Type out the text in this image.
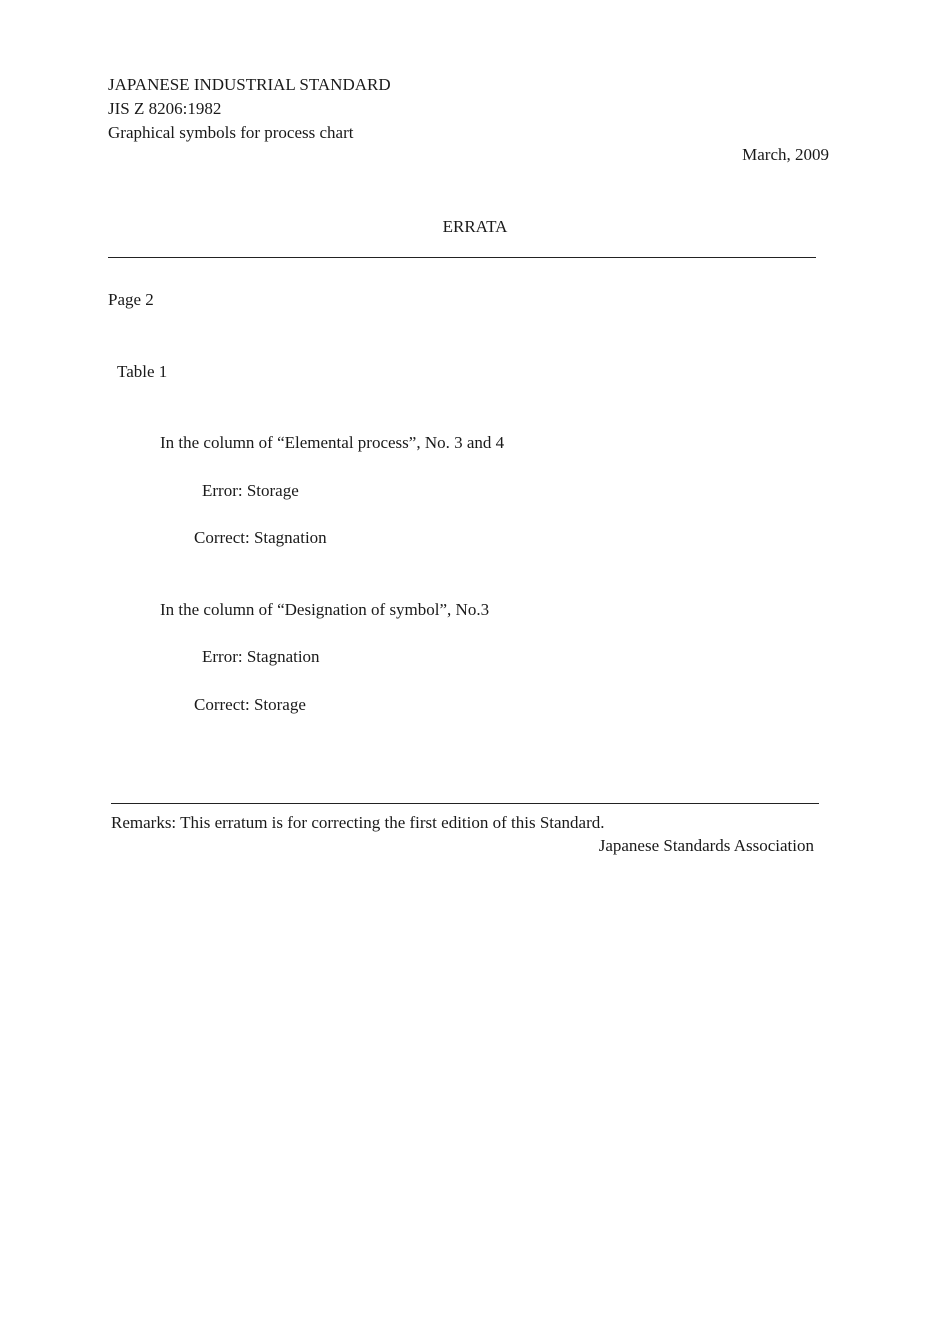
JAPANESE INDUSTRIAL STANDARD
JIS Z 8206:1982
Graphical symbols for process chart
March, 2009
ERRATA
Page 2
Table 1
In the column of “Elemental process”, No. 3 and 4
Error: Storage
Correct: Stagnation
In the column of “Designation of symbol”, No.3
Error: Stagnation
Correct: Storage
Remarks: This erratum is for correcting the first edition of this Standard.
Japanese Standards Association
